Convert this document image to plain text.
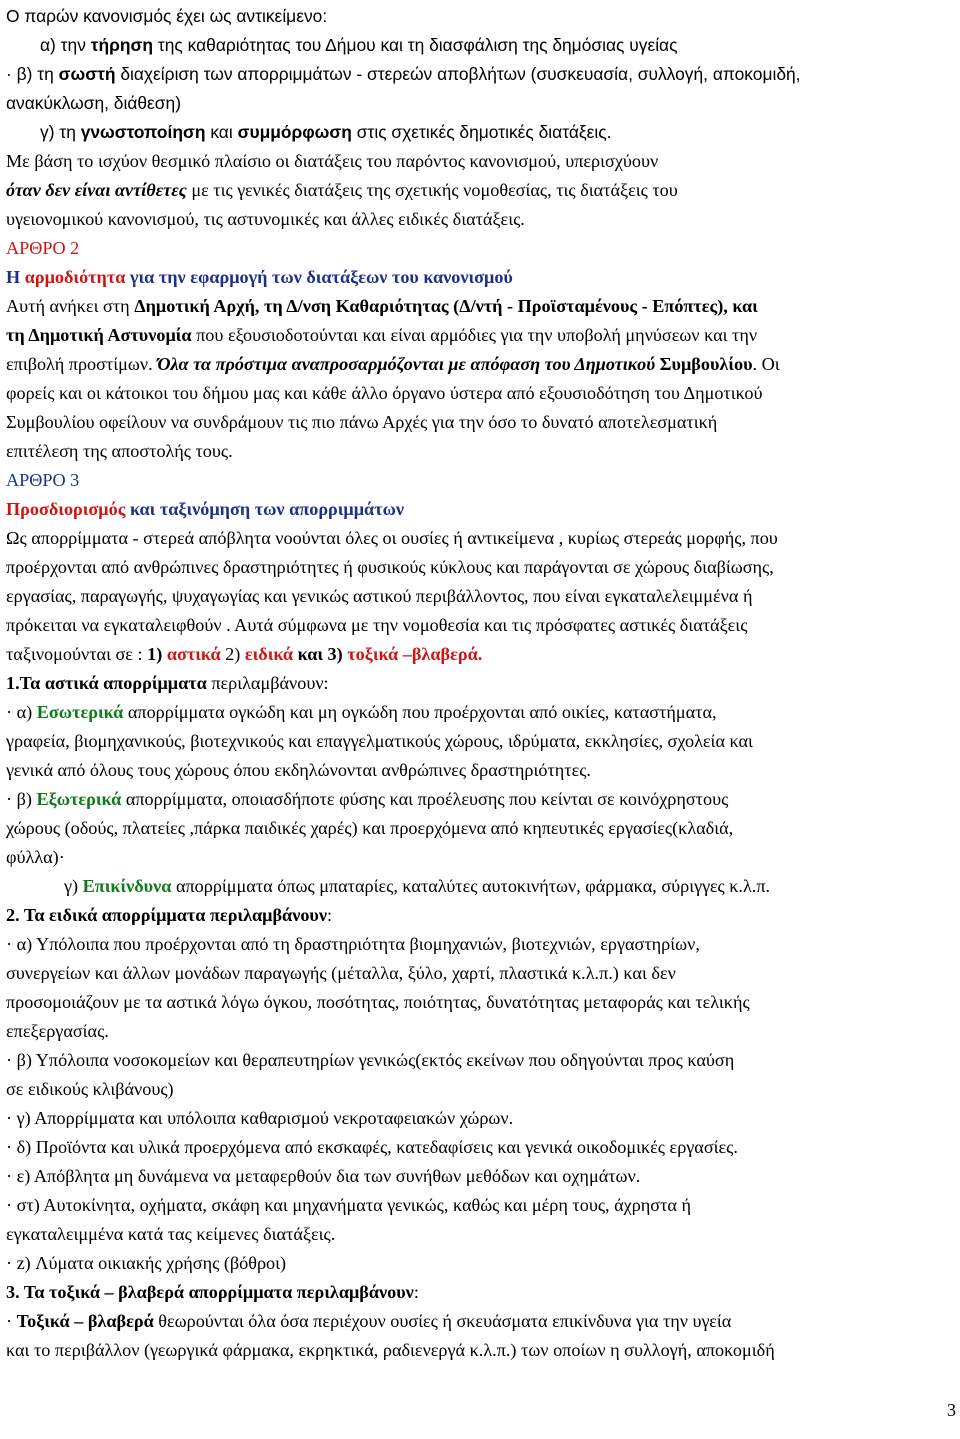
Ο παρών κανονισμός έχει ως αντικείμενο:
α) την τήρηση της καθαριότητας του Δήμου και τη διασφάλιση της δημόσιας υγείας
· β) τη σωστή διαχείριση των απορριμμάτων - στερεών αποβλήτων (συσκευασία, συλλογή, αποκομιδή,
ανακύκλωση, διάθεση)
γ) τη γνωστοποίηση και συμμόρφωση στις σχετικές δημοτικές διατάξεις.
Με βάση το ισχύον θεσμικό πλαίσιο οι διατάξεις του παρόντος κανονισμού, υπερισχύουν
όταν δεν είναι αντίθετες με τις γενικές διατάξεις της σχετικής νομοθεσίας, τις διατάξεις του
υγειονομικού κανονισμού, τις αστυνομικές και άλλες ειδικές διατάξεις.
ΑΡΘΡΟ 2
Η αρμοδιότητα για την εφαρμογή των διατάξεων του κανονισμού
Αυτή ανήκει στη Δημοτική Αρχή, τη Δ/νση Καθαριότητας (Δ/ντή - Προϊσταμένους - Επόπτες), και
τη Δημοτική Αστυνομία που εξουσιοδοτούνται και είναι αρμόδιες για την υποβολή μηνύσεων και την
επιβολή προστίμων. Όλα τα πρόστιμα αναπροσαρμόζονται με απόφαση του Δημοτικού Συμβουλίου. Οι
φορείς και οι κάτοικοι του δήμου μας και κάθε άλλο όργανο ύστερα από εξουσιοδότηση του Δημοτικού
Συμβουλίου οφείλουν να συνδράμουν τις πιο πάνω Αρχές για την όσο το δυνατό αποτελεσματική
επιτέλεση της αποστολής τους.
ΑΡΘΡΟ 3
Προσδιορισμός και ταξινόμηση των απορριμμάτων
Ως απορρίμματα - στερεά απόβλητα νοούνται όλες οι ουσίες ή αντικείμενα , κυρίως στερεάς μορφής, που
προέρχονται από ανθρώπινες δραστηριότητες ή φυσικούς κύκλους και παράγονται σε χώρους διαβίωσης,
εργασίας, παραγωγής, ψυχαγωγίας και γενικώς αστικού περιβάλλοντος, που είναι εγκαταλελειμμένα ή
πρόκειται να εγκαταλειφθούν . Αυτά σύμφωνα με την νομοθεσία και τις πρόσφατες αστικές διατάξεις
ταξινομούνται σε : 1) αστικά 2) ειδικά και 3) τοξικά –βλαβερά.
1.Τα αστικά απορρίμματα περιλαμβάνουν:
· α) Εσωτερικά απορρίμματα ογκώδη και μη ογκώδη που προέρχονται από οικίες, καταστήματα,
γραφεία, βιομηχανικούς, βιοτεχνικούς και επαγγελματικούς χώρους, ιδρύματα, εκκλησίες, σχολεία και
γενικά από όλους τους χώρους όπου εκδηλώνονται ανθρώπινες δραστηριότητες.
· β) Εξωτερικά απορρίμματα, οποιασδήποτε φύσης και προέλευσης που κείνται σε κοινόχρηστους
χώρους (οδούς, πλατείες ,πάρκα παιδικές χαρές) και προερχόμενα από κηπευτικές εργασίες(κλαδιά,
φύλλα)·
γ) Επικίνδυνα απορρίμματα όπως μπαταρίες, καταλύτες αυτοκινήτων, φάρμακα, σύριγγες κ.λ.π.
2. Τα ειδικά απορρίμματα περιλαμβάνουν:
· α) Υπόλοιπα που προέρχονται από τη δραστηριότητα βιομηχανιών, βιοτεχνιών, εργαστηρίων,
συνεργείων και άλλων μονάδων παραγωγής (μέταλλα, ξύλο, χαρτί, πλαστικά κ.λ.π.) και δεν
προσομοιάζουν με τα αστικά λόγω όγκου, ποσότητας, ποιότητας, δυνατότητας μεταφοράς και τελικής
επεξεργασίας.
· β) Υπόλοιπα νοσοκομείων και θεραπευτηρίων γενικώς(εκτός εκείνων που οδηγούνται προς καύση
σε ειδικούς κλιβάνους)
· γ) Απορρίμματα και υπόλοιπα καθαρισμού νεκροταφειακών χώρων.
· δ) Προϊόντα και υλικά προερχόμενα από εκσκαφές, κατεδαφίσεις και γενικά οικοδομικές εργασίες.
· ε) Απόβλητα μη δυνάμενα να μεταφερθούν δια των συνήθων μεθόδων και οχημάτων.
· στ) Αυτοκίνητα, οχήματα, σκάφη και μηχανήματα γενικώς, καθώς και μέρη τους, άχρηστα ή
εγκαταλειμμένα κατά τας κείμενες διατάξεις.
· z) Λύματα οικιακής χρήσης (βόθροι)
3. Τα τοξικά – βλαβερά απορρίμματα περιλαμβάνουν:
· Τοξικά – βλαβερά θεωρούνται όλα όσα περιέχουν ουσίες ή σκευάσματα επικίνδυνα για την υγεία
και το περιβάλλον (γεωργικά φάρμακα, εκρηκτικά, ραδιενεργά κ.λ.π.) των οποίων η συλλογή, αποκομιδή
3
